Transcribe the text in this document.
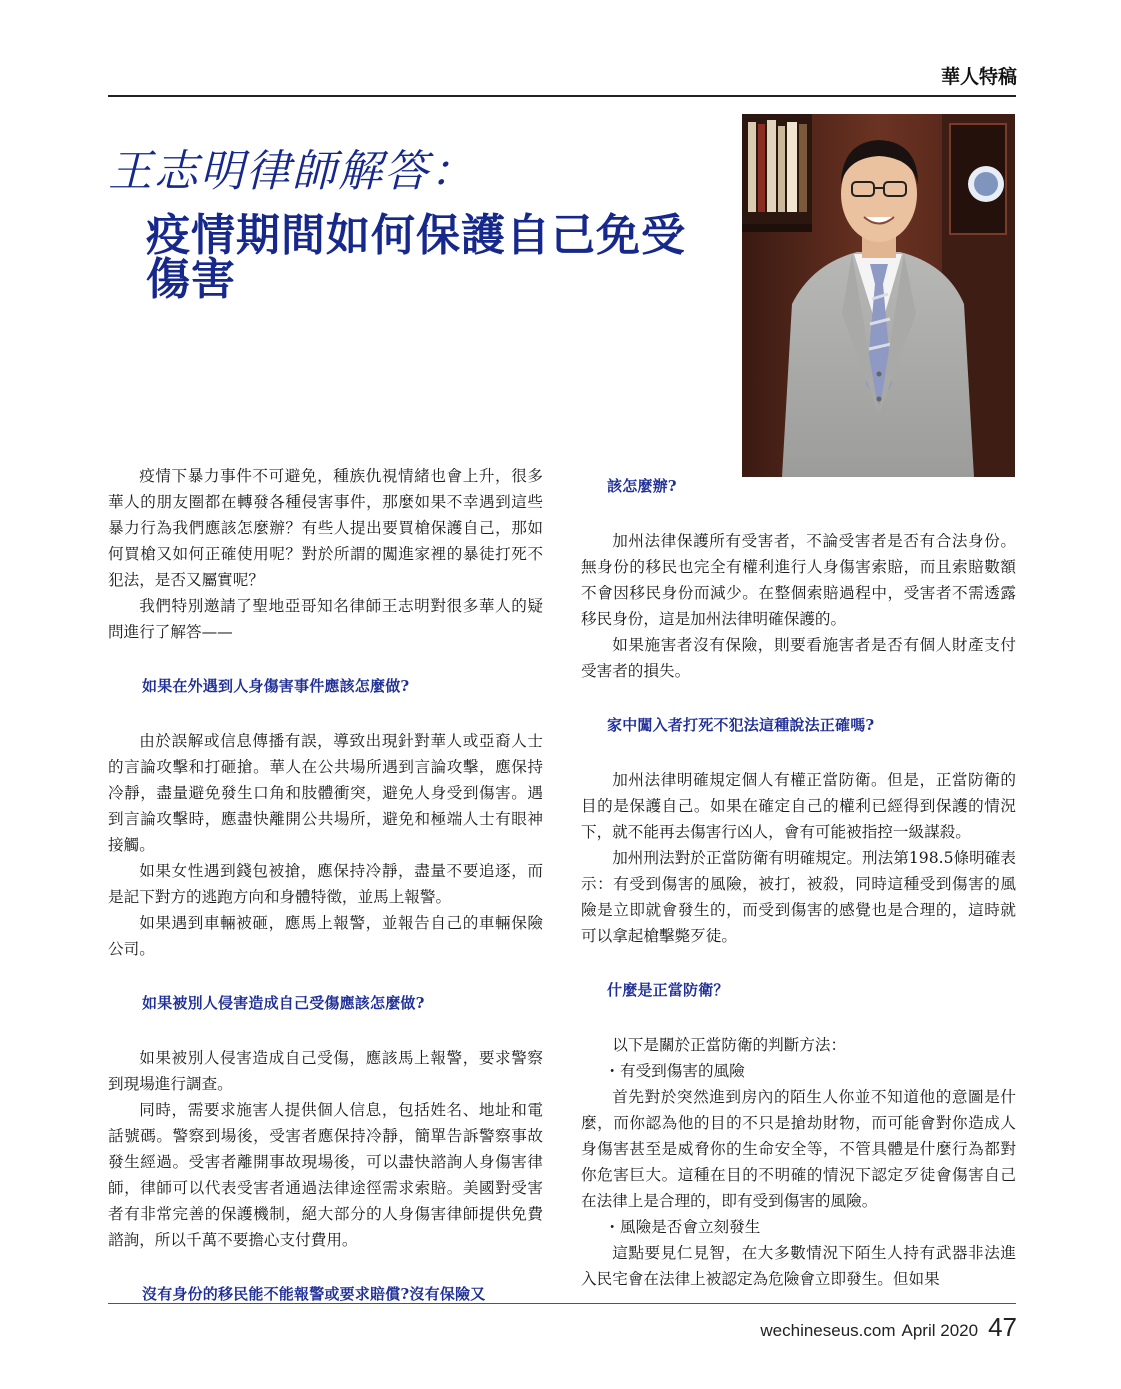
華人特稿
王志明律師解答：
疫情期間如何保護自己免受傷害

疫情下暴力事件不可避免，種族仇視情緒也會上升，很多華人的朋友圈都在轉發各種侵害事件，那麼如果不幸遇到這些暴力行為我們應該怎麼辦？有些人提出要買槍保護自己，那如何買槍又如何正確使用呢？對於所謂的闖進家裡的暴徒打死不犯法，是否又屬實呢？

我們特別邀請了聖地亞哥知名律師王志明對很多華人的疑問進行了解答——

如果在外遇到人身傷害事件應該怎麼做?

由於誤解或信息傳播有誤，導致出現針對華人或亞裔人士的言論攻擊和打砸搶。華人在公共場所遇到言論攻擊，應保持冷靜，盡量避免發生口角和肢體衝突，避免人身受到傷害。遇到言論攻擊時，應盡快離開公共場所，避免和極端人士有眼神接觸。

如果女性遇到錢包被搶，應保持冷靜，盡量不要追逐，而是記下對方的逃跑方向和身體特徵，並馬上報警。

如果遇到車輛被砸，應馬上報警，並報告自己的車輛保險公司。

如果被別人侵害造成自己受傷應該怎麼做?

如果被別人侵害造成自己受傷，應該馬上報警，要求警察到現場進行調查。

同時，需要求施害人提供個人信息，包括姓名、地址和電話號碼。警察到場後，受害者應保持冷靜，簡單告訴警察事故發生經過。受害者離開事故現場後，可以盡快諮詢人身傷害律師，律師可以代表受害者通過法律途徑需求索賠。美國對受害者有非常完善的保護機制，絕大部分的人身傷害律師提供免費諮詢，所以千萬不要擔心支付費用。

沒有身份的移民能不能報警或要求賠償?沒有保險又
該怎麼辦?

加州法律保護所有受害者，不論受害者是否有合法身份。無身份的移民也完全有權利進行人身傷害索賠，而且索賠數額不會因移民身份而減少。在整個索賠過程中，受害者不需透露移民身份，這是加州法律明確保護的。

如果施害者沒有保險，則要看施害者是否有個人財產支付受害者的損失。

家中闖入者打死不犯法這種說法正確嗎?

加州法律明確規定個人有權正當防衛。但是，正當防衛的目的是保護自己。如果在確定自己的權利已經得到保護的情況下，就不能再去傷害行凶人，會有可能被指控一級謀殺。

加州刑法對於正當防衛有明確規定。刑法第198.5條明確表示：有受到傷害的風險，被打，被殺，同時這種受到傷害的風險是立即就會發生的，而受到傷害的感覺也是合理的，這時就可以拿起槍擊斃歹徒。

什麼是正當防衛？

以下是關於正當防衛的判斷方法：

・有受到傷害的風險

首先對於突然進到房內的陌生人你並不知道他的意圖是什麼，而你認為他的目的不只是搶劫財物，而可能會對你造成人身傷害甚至是威脅你的生命安全等，不管具體是什麼行為都對你危害巨大。這種在目的不明確的情況下認定歹徒會傷害自己在法律上是合理的，即有受到傷害的風險。

・風險是否會立刻發生

這點要見仁見智，在大多數情況下陌生人持有武器非法進入民宅會在法律上被認定為危險會立即發生。但如果

wechineseus.com April 2020 47
